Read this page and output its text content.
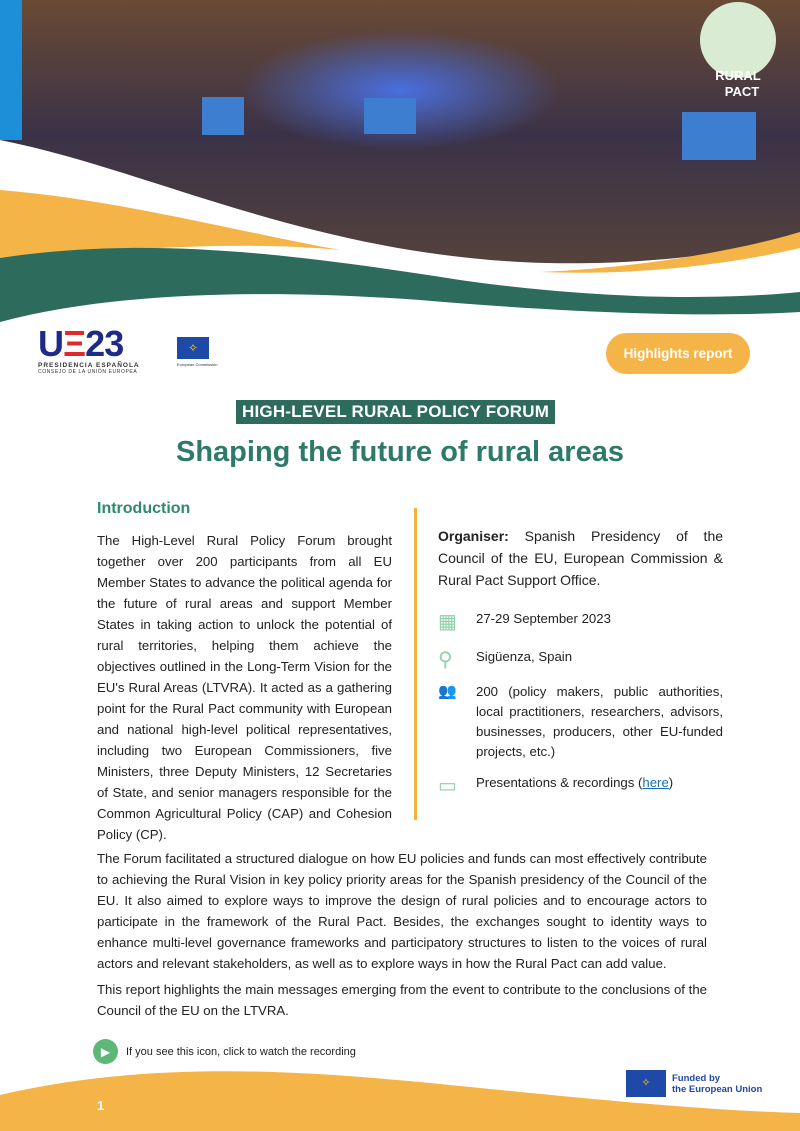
RURAL
PACT
UΞ23
PRESIDENCIA ESPAÑOLA
CONSEJO DE LA UNIÓN EUROPEA
✧
European Commission
Highlights report
HIGH-LEVEL RURAL POLICY FORUM
Shaping the future of rural areas
Introduction
The High-Level Rural Policy Forum brought together over 200 participants from all EU Member States to advance the political agenda for the future of rural areas and support Member States in taking action to unlock the potential of rural territories, helping them achieve the objectives outlined in the Long-Term Vision for the EU's Rural Areas (LTVRA). It acted as a gathering point for the Rural Pact community with European and national high-level political representatives, including two European Commissioners, five Ministers, three Deputy Ministers, 12 Secretaries of State, and senior managers responsible for the Common Agricultural Policy (CAP) and Cohesion Policy (CP).
Organiser: Spanish Presidency of the Council of the EU, European Commission & Rural Pact Support Office.
▦	27-29 September 2023
⚲	Sigüenza, Spain
👥	200 (policy makers, public authorities, local practitioners, researchers, advisors, businesses, producers, other EU-funded projects, etc.)
▭	Presentations & recordings (here)
The Forum facilitated a structured dialogue on how EU policies and funds can most effectively contribute to achieving the Rural Vision in key policy priority areas for the Spanish presidency of the Council of the EU. It also aimed to explore ways to improve the design of rural policies and to encourage actors to participate in the framework of the Rural Pact. Besides, the exchanges sought to identity ways to enhance multi-level governance frameworks and participatory structures to listen to the voices of rural actors and relevant stakeholders, as well as to explore ways in how the Rural Pact can add value.
This report highlights the main messages emerging from the event to contribute to the conclusions of the Council of the EU on the LTVRA.
▶	If you see this icon, click to watch the recording
1
✧	Funded by
the European Union
